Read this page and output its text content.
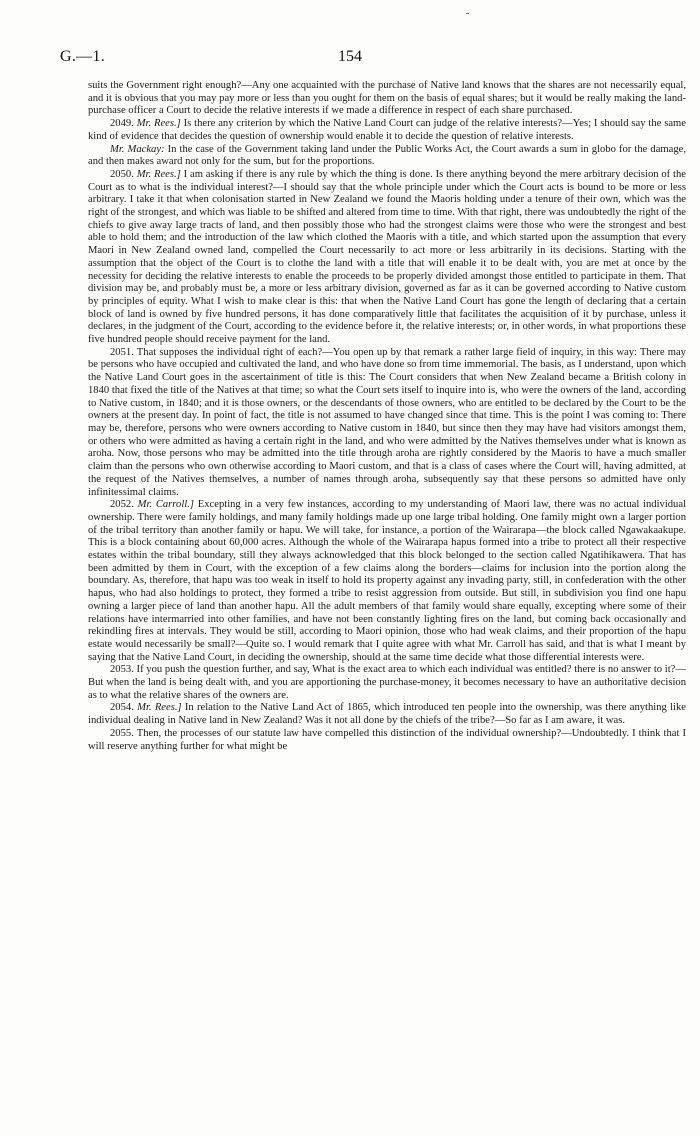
G.—1.	154

suits the Government right enough?—Any one acquainted with the purchase of Native land knows that the shares are not necessarily equal, and it is obvious that you may pay more or less than you ought for them on the basis of equal shares; but it would be really making the land-purchase officer a Court to decide the relative interests if we made a difference in respect of each share purchased.

2049. Mr. Rees.] Is there any criterion by which the Native Land Court can judge of the relative interests?—Yes; I should say the same kind of evidence that decides the question of ownership would enable it to decide the question of relative interests.

Mr. Mackay: In the case of the Government taking land under the Public Works Act, the Court awards a sum in globo for the damage, and then makes award not only for the sum, but for the proportions.

2050. Mr. Rees.] I am asking if there is any rule by which the thing is done. Is there anything beyond the mere arbitrary decision of the Court as to what is the individual interest?—I should say that the whole principle under which the Court acts is bound to be more or less arbitrary. I take it that when colonisation started in New Zealand we found the Maoris holding under a tenure of their own, which was the right of the strongest, and which was liable to be shifted and altered from time to time. With that right, there was undoubtedly the right of the chiefs to give away large tracts of land, and then possibly those who had the strongest claims were those who were the strongest and best able to hold them; and the introduction of the law which clothed the Maoris with a title, and which started upon the assumption that every Maori in New Zealand owned land, compelled the Court necessarily to act more or less arbitrarily in its decisions. Starting with the assumption that the object of the Court is to clothe the land with a title that will enable it to be dealt with, you are met at once by the necessity for deciding the relative interests to enable the proceeds to be properly divided amongst those entitled to participate in them. That division may be, and probably must be, a more or less arbitrary division, governed as far as it can be governed according to Native custom by principles of equity. What I wish to make clear is this: that when the Native Land Court has gone the length of declaring that a certain block of land is owned by five hundred persons, it has done comparatively little that facilitates the acquisition of it by purchase, unless it declares, in the judgment of the Court, according to the evidence before it, the relative interests; or, in other words, in what proportions these five hundred people should receive payment for the land.

2051. That supposes the individual right of each?—You open up by that remark a rather large field of inquiry, in this way: There may be persons who have occupied and cultivated the land, and who have done so from time immemorial. The basis, as I understand, upon which the Native Land Court goes in the ascertainment of title is this: The Court considers that when New Zealand became a British colony in 1840 that fixed the title of the Natives at that time; so what the Court sets itself to inquire into is, who were the owners of the land, according to Native custom, in 1840; and it is those owners, or the descendants of those owners, who are entitled to be declared by the Court to be the owners at the present day. In point of fact, the title is not assumed to have changed since that time. This is the point I was coming to: There may be, therefore, persons who were owners according to Native custom in 1840, but since then they may have had visitors amongst them, or others who were admitted as having a certain right in the land, and who were admitted by the Natives themselves under what is known as aroha. Now, those persons who may be admitted into the title through aroha are rightly considered by the Maoris to have a much smaller claim than the persons who own otherwise according to Maori custom, and that is a class of cases where the Court will, having admitted, at the request of the Natives themselves, a number of names through aroha, subsequently say that these persons so admitted have only infinitessimal claims.

2052. Mr. Carroll.] Excepting in a very few instances, according to my understanding of Maori law, there was no actual individual ownership. There were family holdings, and many family holdings made up one large tribal holding. One family might own a larger portion of the tribal territory than another family or hapu. We will take, for instance, a portion of the Wairarapa—the block called Ngawakaakupe. This is a block containing about 60,000 acres. Although the whole of the Wairarapa hapus formed into a tribe to protect all their respective estates within the tribal boundary, still they always acknowledged that this block belonged to the section called Ngatihikawera. That has been admitted by them in Court, with the exception of a few claims along the borders—claims for inclusion into the portion along the boundary. As, therefore, that hapu was too weak in itself to hold its property against any invading party, still, in confederation with the other hapus, who had also holdings to protect, they formed a tribe to resist aggression from outside. But still, in subdivision you find one hapu owning a larger piece of land than another hapu. All the adult members of that family would share equally, excepting where some of their relations have intermarried into other families, and have not been constantly lighting fires on the land, but coming back occasionally and rekindling fires at intervals. They would be still, according to Maori opinion, those who had weak claims, and their proportion of the hapu estate would necessarily be small?—Quite so. I would remark that I quite agree with what Mr. Carroll has said, and that is what I meant by saying that the Native Land Court, in deciding the ownership, should at the same time decide what those differential interests were.

2053. If you push the question further, and say, What is the exact area to which each individual was entitled? there is no answer to it?—But when the land is being dealt with, and you are apportioning the purchase-money, it becomes necessary to have an authoritative decision as to what the relative shares of the owners are.

2054. Mr. Rees.] In relation to the Native Land Act of 1865, which introduced ten people into the ownership, was there anything like individual dealing in Native land in New Zealand? Was it not all done by the chiefs of the tribe?—So far as I am aware, it was.

2055. Then, the processes of our statute law have compelled this distinction of the individual ownership?—Undoubtedly. I think that I will reserve anything further for what might be
